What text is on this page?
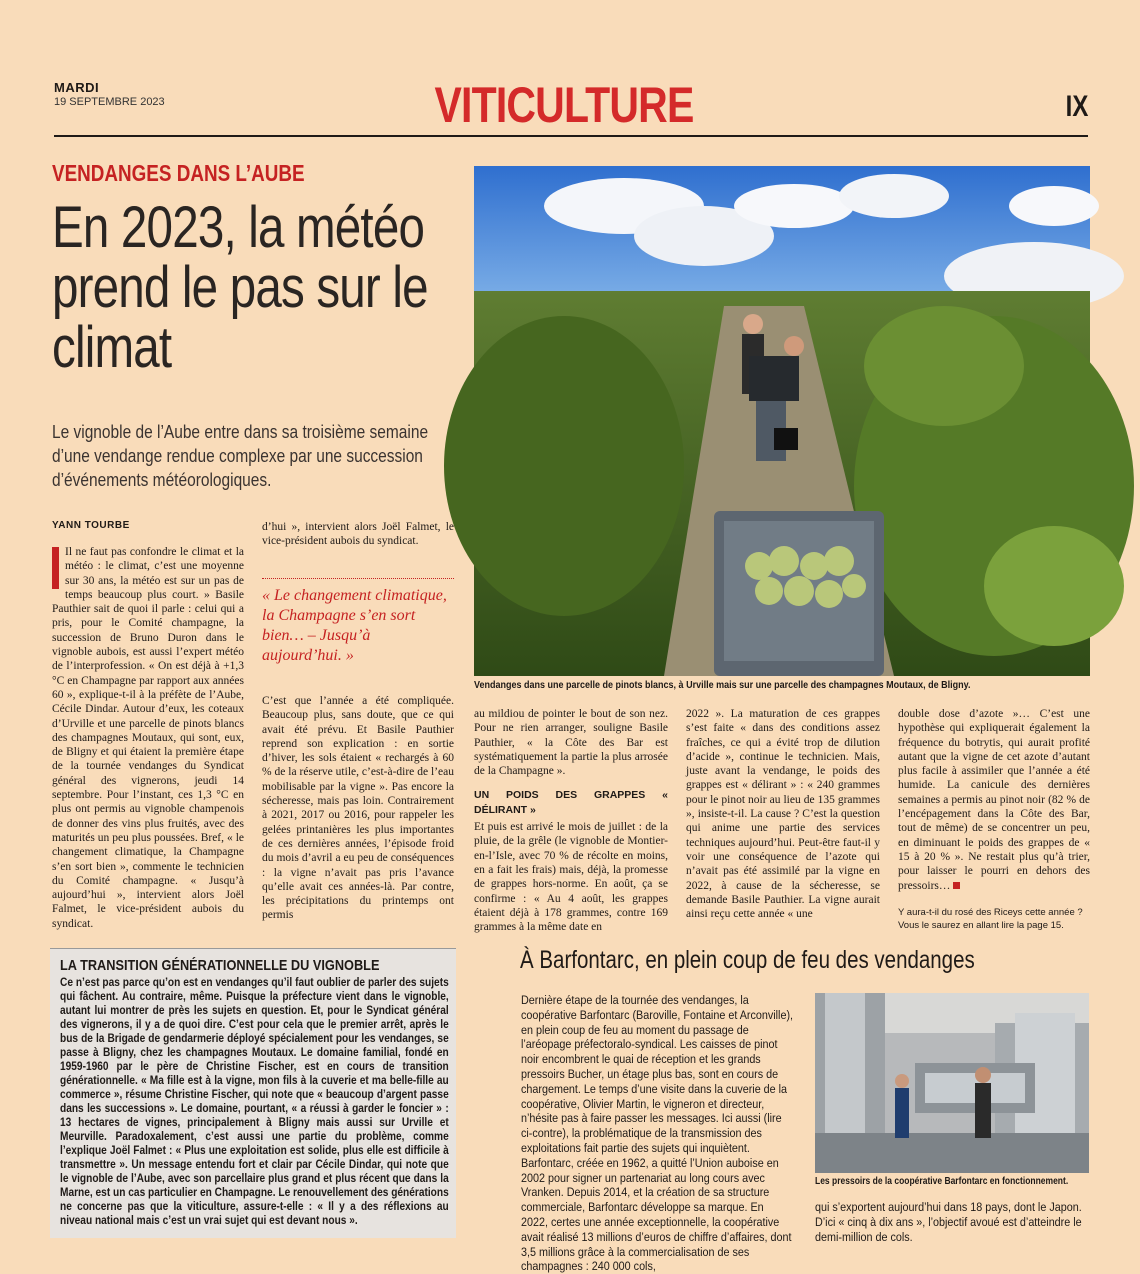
MARDI
19 SEPTEMBRE 2023	VITICULTURE	IX
VENDANGES DANS L’AUBE
En 2023, la météo prend le pas sur le climat
Le vignoble de l’Aube entre dans sa troisième semaine d’une vendange rendue complexe par une succession d’événements météorologiques.
YANN TOURBE
Il ne faut pas confondre le climat et la météo : le climat, c’est une moyenne sur 30 ans, la météo est sur un pas de temps beaucoup plus court. » Basile Pauthier sait de quoi il parle : celui qui a pris, pour le Comité champagne, la succession de Bruno Duron dans le vignoble aubois, est aussi l’expert météo de l’interprofession. « On est déjà à +1,3 °C en Champagne par rapport aux années 60 », explique-t-il à la préfète de l’Aube, Cécile Dindar. Autour d’eux, les coteaux d’Urville et une parcelle de pinots blancs des champagnes Moutaux, qui sont, eux, de Bligny et qui étaient la première étape de la tournée vendanges du Syndicat général des vignerons, jeudi 14 septembre. Pour l’instant, ces 1,3 °C en plus ont permis au vignoble champenois de donner des vins plus fruités, avec des maturités un peu plus poussées. Bref, « le changement climatique, la Champagne s’en sort bien », commente le technicien du Comité champagne. « Jusqu’à aujourd’hui », intervient alors Joël Falmet, le vice-président aubois du syndicat.
d’hui », intervient alors Joël Falmet, le vice-président aubois du syndicat.
« Le changement climatique, la Champagne s’en sort bien… – Jusqu’à aujourd’hui. »
C’est que l’année a été compliquée. Beaucoup plus, sans doute, que ce qui avait été prévu. Et Basile Pauthier reprend son explication : en sortie d’hiver, les sols étaient « rechargés à 60 % de la réserve utile, c’est-à-dire de l’eau mobilisable par la vigne ». Pas encore la sécheresse, mais pas loin. Contrairement à 2021, 2017 ou 2016, pour rappeler les gelées printanières les plus importantes de ces dernières années, l’épisode froid du mois d’avril a eu peu de conséquences : la vigne n’avait pas pris l’avance qu’elle avait ces années-là. Par contre, les précipitations du printemps ont permis
Vendanges dans une parcelle de pinots blancs, à Urville mais sur une parcelle des champagnes Moutaux, de Bligny.

au mildiou de pointer le bout de son nez. Pour ne rien arranger, souligne Basile Pauthier, « la Côte des Bar est systématiquement la partie la plus arrosée de la Champagne ».

UN POIDS DES GRAPPES « DÉLIRANT »

Et puis est arrivé le mois de juillet : de la pluie, de la grêle (le vignoble de Montier-en-l’Isle, avec 70 % de récolte en moins, en a fait les frais) mais, déjà, la promesse de grappes hors-norme. En août, ça se confirme : « Au 4 août, les grappes étaient déjà à 178 grammes, contre 169 grammes à la même date en

2022 ». La maturation de ces grappes s’est faite « dans des conditions assez fraîches, ce qui a évité trop de dilution d’acide », continue le technicien. Mais, juste avant la vendange, le poids des grappes est « délirant » : « 240 grammes pour le pinot noir au lieu de 135 grammes », insiste-t-il. La cause ? C’est la question qui anime une partie des services techniques aujourd’hui. Peut-être faut-il y voir une conséquence de l’azote qui n’avait pas été assimilé par la vigne en 2022, à cause de la sécheresse, se demande Basile Pauthier. La vigne aurait ainsi reçu cette année « une
double dose d’azote »… C’est une hypothèse qui expliquerait également la fréquence du botrytis, qui aurait profité autant que la vigne de cet azote d’autant plus facile à assimiler que l’année a été humide. La canicule des dernières semaines a permis au pinot noir (82 % de l’encépagement dans la Côte des Bar, tout de même) de se concentrer un peu, en diminuant le poids des grappes de « 15 à 20 % ». Ne restait plus qu’à trier, pour laisser le pourri en dehors des pressoirs…
Y aura-t-il du rosé des Riceys cette année ? Vous le saurez en allant lire la page 15.
LA TRANSITION GÉNÉRATIONNELLE DU VIGNOBLE
Ce n’est pas parce qu’on est en vendanges qu’il faut oublier de parler des sujets qui fâchent. Au contraire, même. Puisque la préfecture vient dans le vignoble, autant lui montrer de près les sujets en question. Et, pour le Syndicat général des vignerons, il y a de quoi dire. C’est pour cela que le premier arrêt, après le bus de la Brigade de gendarmerie déployé spécialement pour les vendanges, se passe à Bligny, chez les champagnes Moutaux. Le domaine familial, fondé en 1959-1960 par le père de Christine Fischer, est en cours de transition générationnelle. « Ma fille est à la vigne, mon fils à la cuverie et ma belle-fille au commerce », résume Christine Fischer, qui note que « beaucoup d’argent passe dans les successions ». Le domaine, pourtant, « a réussi à garder le foncier » : 13 hectares de vignes, principalement à Bligny mais aussi sur Urville et Meurville. Paradoxalement, c’est aussi une partie du problème, comme l’explique Joël Falmet : « Plus une exploitation est solide, plus elle est difficile à transmettre ». Un message entendu fort et clair par Cécile Dindar, qui note que le vignoble de l’Aube, avec son parcellaire plus grand et plus récent que dans la Marne, est un cas particulier en Champagne. Le renouvellement des générations ne concerne pas que la viticulture, assure-t-elle : « Il y a des réflexions au niveau national mais c’est un vrai sujet qui est devant nous ».
À Barfontarc, en plein coup de feu des vendanges
Dernière étape de la tournée des vendanges, la coopérative Barfontarc (Baroville, Fontaine et Arconville), en plein coup de feu au moment du passage de l’aréopage préfectoralo-syndical. Les caisses de pinot noir encombrent le quai de réception et les grands pressoirs Bucher, un étage plus bas, sont en cours de chargement. Le temps d’une visite dans la cuverie de la coopérative, Olivier Martin, le vigneron et directeur, n’hésite pas à faire passer les messages. Ici aussi (lire ci-contre), la problématique de la transmission des exploitations fait partie des sujets qui inquiètent. Barfontarc, créée en 1962, a quitté l’Union auboise en 2002 pour signer un partenariat au long cours avec Vranken. Depuis 2014, et la création de sa structure commerciale, Barfontarc développe sa marque. En 2022, certes une année exceptionnelle, la coopérative avait réalisé 13 millions d’euros de chiffre d’affaires, dont 3,5 millions grâce à la commercialisation de ses champagnes : 240 000 cols,
Les pressoirs de la coopérative Barfontarc en fonctionnement.
qui s’exportent aujourd’hui dans 18 pays, dont le Japon. D’ici « cinq à dix ans », l’objectif avoué est d’atteindre le demi-million de cols.
